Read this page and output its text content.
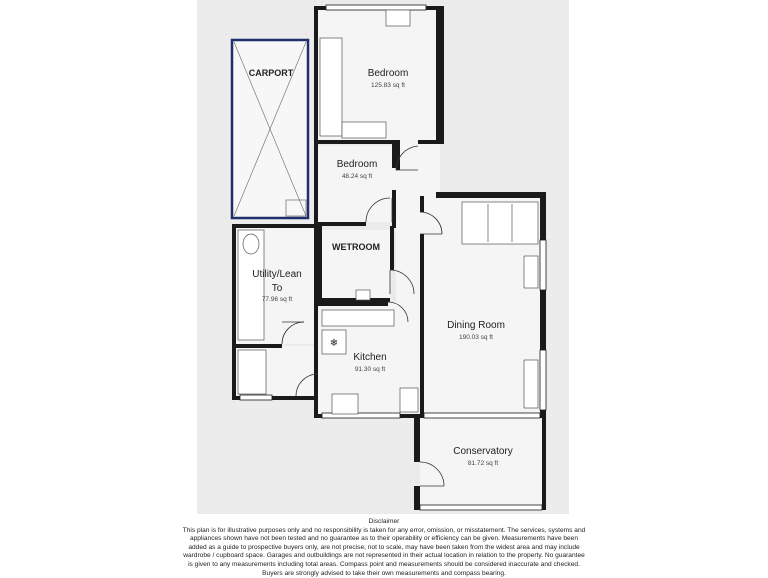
❄
Bedroom
125.83 sq ft
Bedroom
48.24 sq ft
Utility/Lean
To
77.96 sq ft
Kitchen
91.30 sq ft
Dining Room
190.03 sq ft
Conservatory
81.72 sq ft
CARPORT
WETROOM
Disclaimer
This plan is for illustrative purposes only and no responsibility is taken for any error, omission, or misstatement. The services, systems and
appliances shown have not been tested and no guarantee as to their operability or efficiency can be given. Measurements have been
added as a guide to prospective buyers only, are not precise, not to scale, may have been taken from the widest area and may include
wardrobe / cupboard space. Garages and outbuildings are not represented in their actual location in relation to the property. No guarantee
is given to any measurements including total areas. Compass point and measurements should be considered inaccurate and checked.
Buyers are strongly advised to take their own measurements and compass bearing.
